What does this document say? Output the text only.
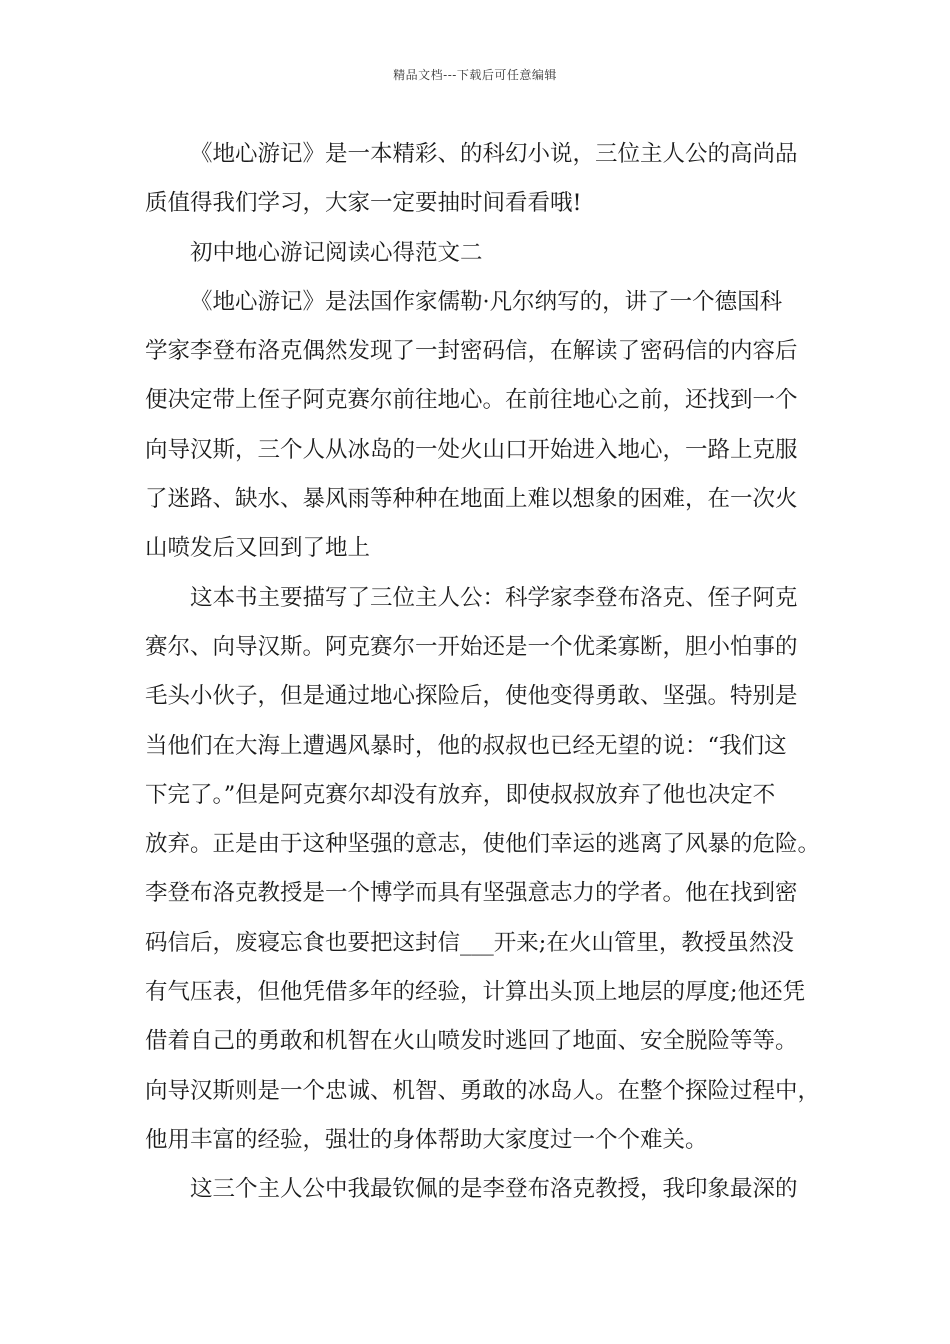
精品文档---下载后可任意编辑
《地心游记》是一本精彩、的科幻小说，三位主人公的高尚品
质值得我们学习，大家一定要抽时间看看哦!
初中地心游记阅读心得范文二
《地心游记》是法国作家儒勒·凡尔纳写的，讲了一个德国科
学家李登布洛克偶然发现了一封密码信，在解读了密码信的内容后
便决定带上侄子阿克赛尔前往地心。在前往地心之前，还找到一个
向导汉斯，三个人从冰岛的一处火山口开始进入地心，一路上克服
了迷路、缺水、暴风雨等种种在地面上难以想象的困难，在一次火
山喷发后又回到了地上
这本书主要描写了三位主人公：科学家李登布洛克、侄子阿克
赛尔、向导汉斯。阿克赛尔一开始还是一个优柔寡断，胆小怕事的
毛头小伙子，但是通过地心探险后，使他变得勇敢、坚强。特别是
当他们在大海上遭遇风暴时，他的叔叔也已经无望的说：“我们这
下完了。”但是阿克赛尔却没有放弃，即使叔叔放弃了他也决定不
放弃。正是由于这种坚强的意志，使他们幸运的逃离了风暴的危险。
李登布洛克教授是一个博学而具有坚强意志力的学者。他在找到密
码信后，废寝忘食也要把这封信___开来;在火山管里，教授虽然没
有气压表，但他凭借多年的经验，计算出头顶上地层的厚度;他还凭
借着自己的勇敢和机智在火山喷发时逃回了地面、安全脱险等等。
向导汉斯则是一个忠诚、机智、勇敢的冰岛人。在整个探险过程中，
他用丰富的经验，强壮的身体帮助大家度过一个个难关。
这三个主人公中我最钦佩的是李登布洛克教授，我印象最深的
